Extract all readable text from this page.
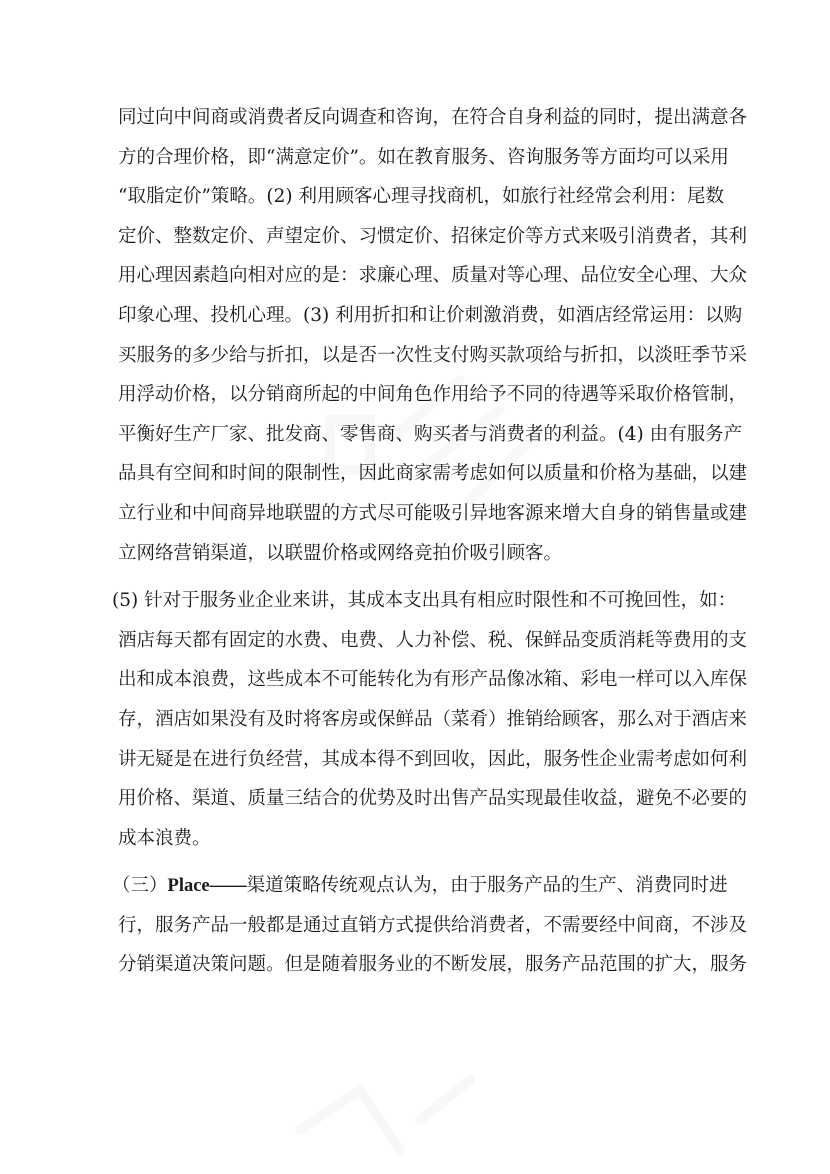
同过向中间商或消费者反向调查和咨询，在符合自身利益的同时，提出满意各
方的合理价格，即“满意定价”。如在教育服务、咨询服务等方面均可以采用
“取脂定价”策略。(2) 利用顾客心理寻找商机，如旅行社经常会利用：尾数
定价、整数定价、声望定价、习惯定价、招徕定价等方式来吸引消费者，其利
用心理因素趋向相对应的是：求廉心理、质量对等心理、品位安全心理、大众
印象心理、投机心理。(3) 利用折扣和让价刺激消费，如酒店经常运用：以购
买服务的多少给与折扣，以是否一次性支付购买款项给与折扣，以淡旺季节采
用浮动价格，以分销商所起的中间角色作用给予不同的待遇等采取价格管制，
平衡好生产厂家、批发商、零售商、购买者与消费者的利益。(4) 由有服务产
品具有空间和时间的限制性，因此商家需考虑如何以质量和价格为基础，以建
立行业和中间商异地联盟的方式尽可能吸引异地客源来增大自身的销售量或建
立网络营销渠道，以联盟价格或网络竞拍价吸引顾客。
(5) 针对于服务业企业来讲，其成本支出具有相应时限性和不可挽回性，如：
酒店每天都有固定的水费、电费、人力补偿、税、保鲜品变质消耗等费用的支
出和成本浪费，这些成本不可能转化为有形产品像冰箱、彩电一样可以入库保
存，酒店如果没有及时将客房或保鲜品（菜肴）推销给顾客，那么对于酒店来
讲无疑是在进行负经营，其成本得不到回收，因此，服务性企业需考虑如何利
用价格、渠道、质量三结合的优势及时出售产品实现最佳收益，避免不必要的
成本浪费。
（三）Place——渠道策略传统观点认为，由于服务产品的生产、消费同时进
行，服务产品一般都是通过直销方式提供给消费者，不需要经中间商，不涉及
分销渠道决策问题。但是随着服务业的不断发展，服务产品范围的扩大，服务
